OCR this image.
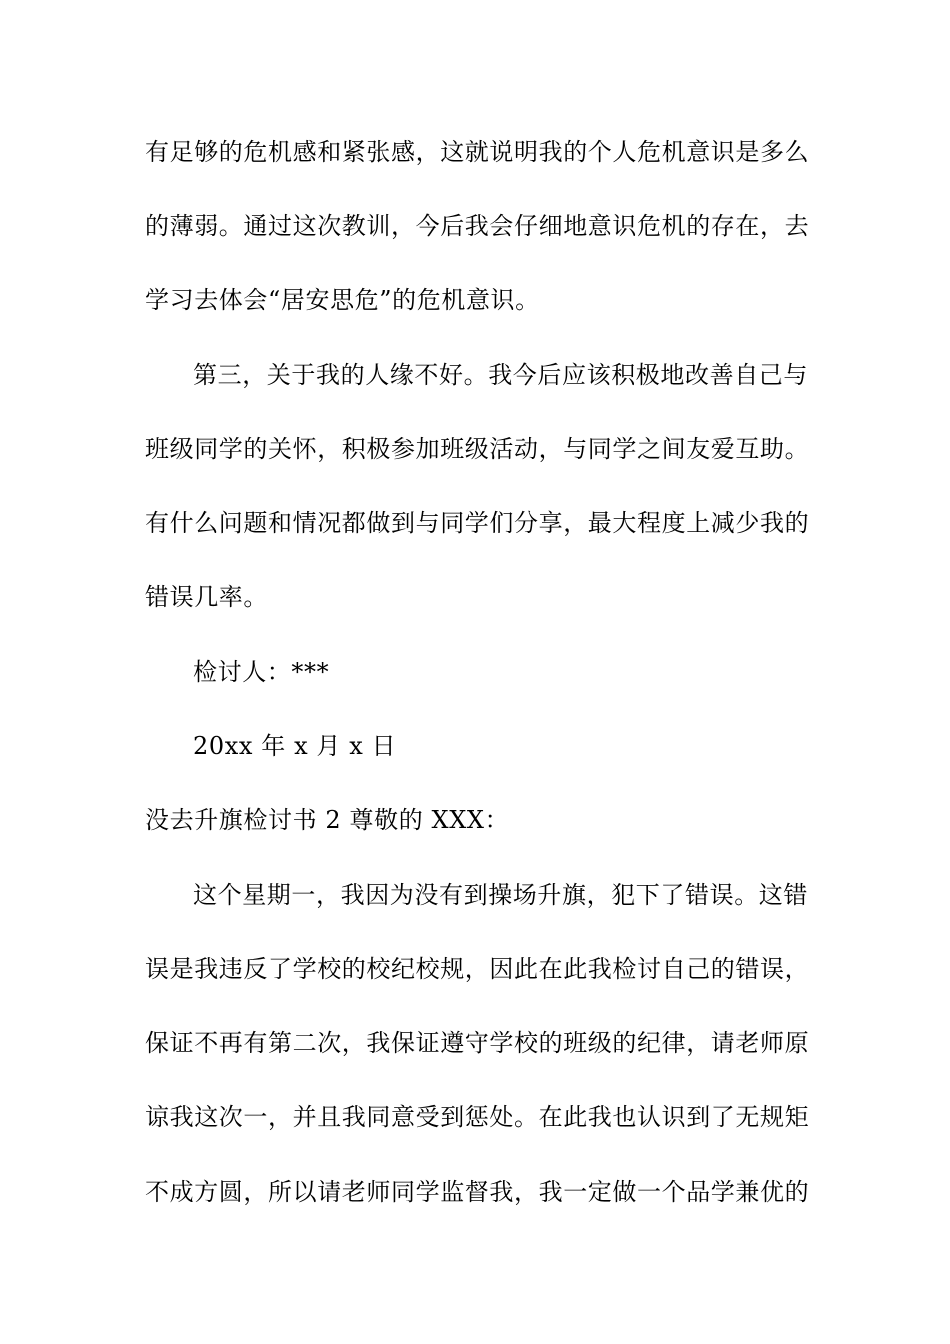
有足够的危机感和紧张感，这就说明我的个人危机意识是多么
的薄弱。通过这次教训，今后我会仔细地意识危机的存在，去
学习去体会“居安思危”的危机意识。
第三，关于我的人缘不好。我今后应该积极地改善自己与
班级同学的关怀，积极参加班级活动，与同学之间友爱互助。
有什么问题和情况都做到与同学们分享，最大程度上减少我的
错误几率。
检讨人：***
20xx 年 x 月 x 日
没去升旗检讨书 2 尊敬的 XXX：
这个星期一，我因为没有到操场升旗，犯下了错误。这错
误是我违反了学校的校纪校规，因此在此我检讨自己的错误，
保证不再有第二次，我保证遵守学校的班级的纪律，请老师原
谅我这次一，并且我同意受到惩处。在此我也认识到了无规矩
不成方圆，所以请老师同学监督我，我一定做一个品学兼优的
